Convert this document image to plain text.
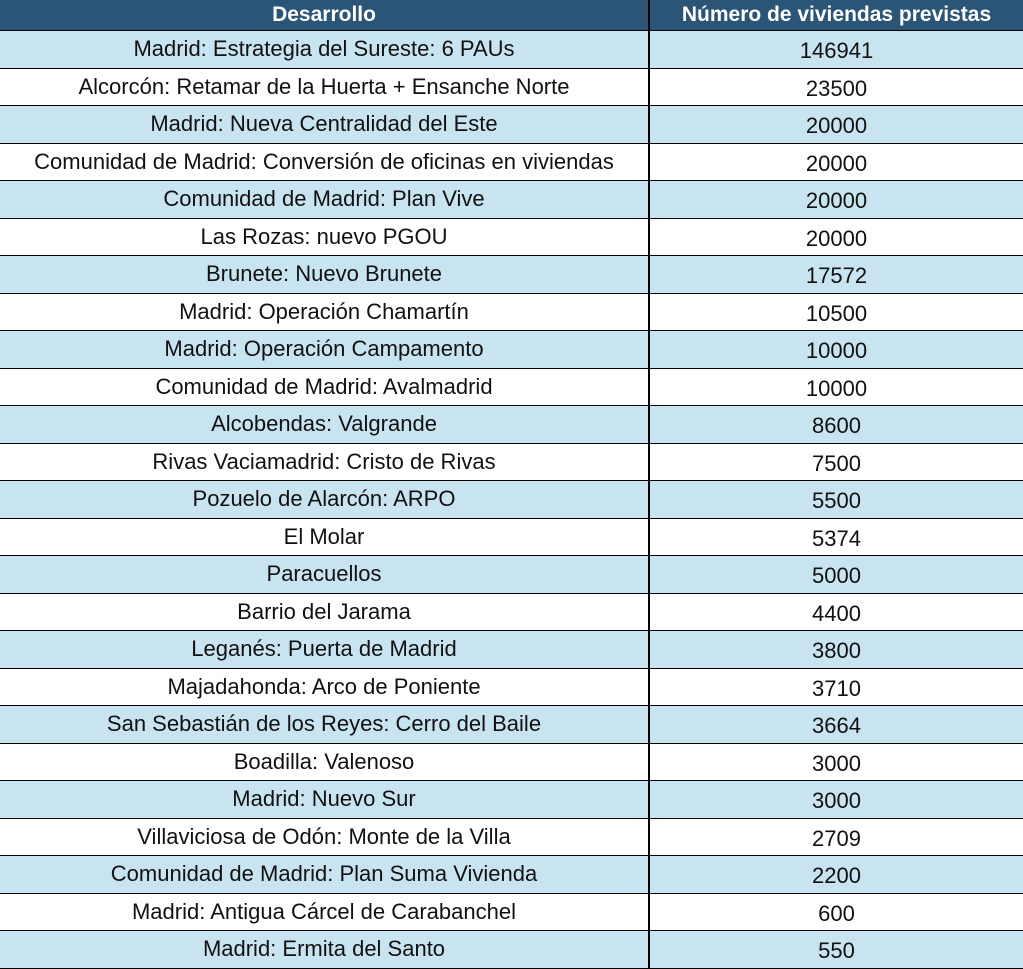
Desarrollo	Número de viviendas previstas
Madrid: Estrategia del Sureste: 6 PAUs	146941
Alcorcón: Retamar de la Huerta + Ensanche Norte	23500
Madrid: Nueva Centralidad del Este	20000
Comunidad de Madrid: Conversión de oficinas en viviendas	20000
Comunidad de Madrid: Plan Vive	20000
Las Rozas: nuevo PGOU	20000
Brunete: Nuevo Brunete	17572
Madrid: Operación Chamartín	10500
Madrid: Operación Campamento	10000
Comunidad de Madrid: Avalmadrid	10000
Alcobendas: Valgrande	8600
Rivas Vaciamadrid: Cristo de Rivas	7500
Pozuelo de Alarcón: ARPO	5500
El Molar	5374
Paracuellos	5000
Barrio del Jarama	4400
Leganés: Puerta de Madrid	3800
Majadahonda: Arco de Poniente	3710
San Sebastián de los Reyes: Cerro del Baile	3664
Boadilla: Valenoso	3000
Madrid: Nuevo Sur	3000
Villaviciosa de Odón: Monte de la Villa	2709
Comunidad de Madrid: Plan Suma Vivienda	2200
Madrid: Antigua Cárcel de Carabanchel	600
Madrid: Ermita del Santo	550
